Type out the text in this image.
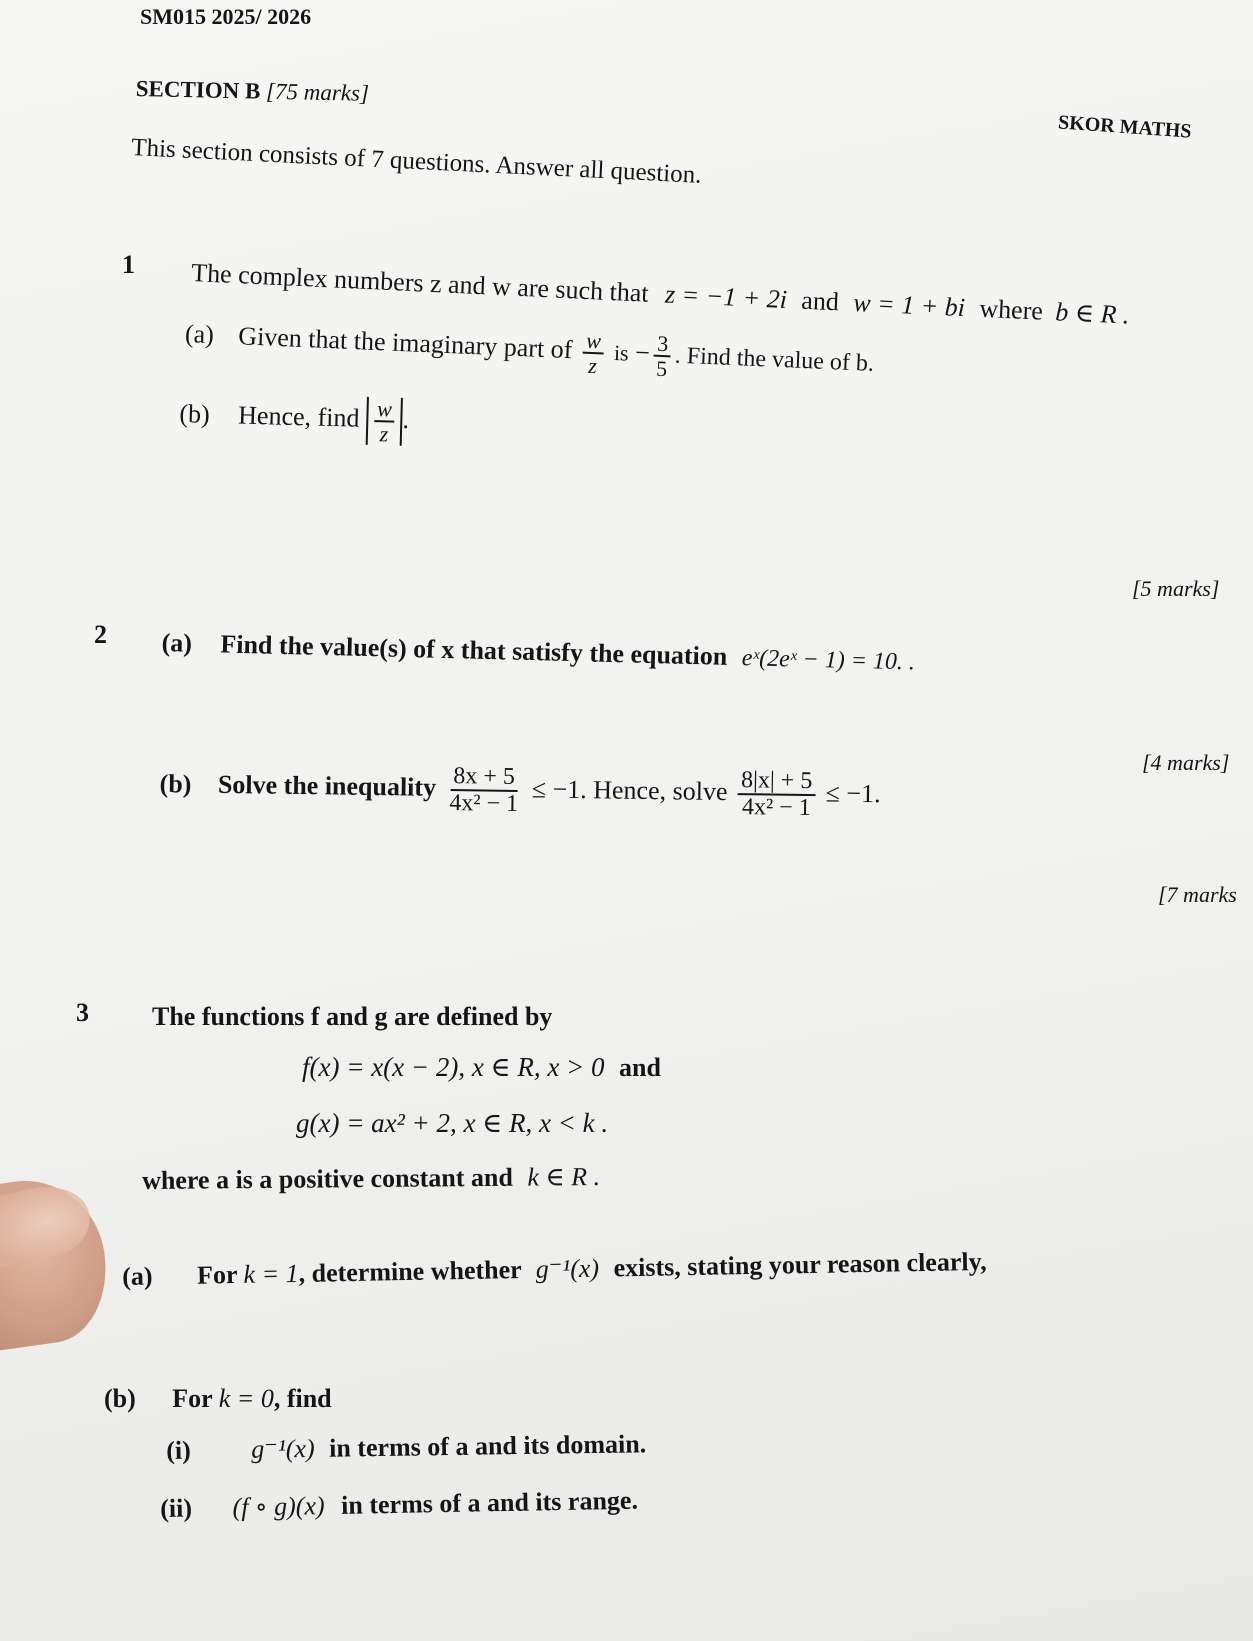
SM015 2025/ 2026
SKOR MATHS
SECTION B [75 marks]
This section consists of 7 questions. Answer all question.
1 The complex numbers z and w are such that z = −1 + 2i and w = 1 + bi where b ∈ R .
(a) Given that the imaginary part of $\frac{w}{z}$ is − $\frac{3}{5}$ . Find the value of b.
(b) Hence, find $\frac{w}{z}$ .
[5 marks]
2 (a) Find the value(s) of x that satisfy the equation eˣ(2eˣ − 1) = 10. .
[4 marks]
(b) Solve the inequality $\frac{8x + 5}{\text{4x² − 1}} \le -1$. Hence, solve $\frac{8|x| + 5}{\text{4x² − 1}} \le -1$.
[7 marks
3 The functions f and g are defined by
f(x) = x(x − 2), x ∈ R, x > 0 and
g(x) = ax² + 2, x ∈ R, x < k .
where a is a positive constant and k ∈ R .
(a) For k = 1, determine whether g⁻¹(x) exists, stating your reason clearly,
(b) For k = 0, find
(i) g⁻¹(x) in terms of a and its domain.
(ii) (f ∘ g)(x) in terms of a and its range.
